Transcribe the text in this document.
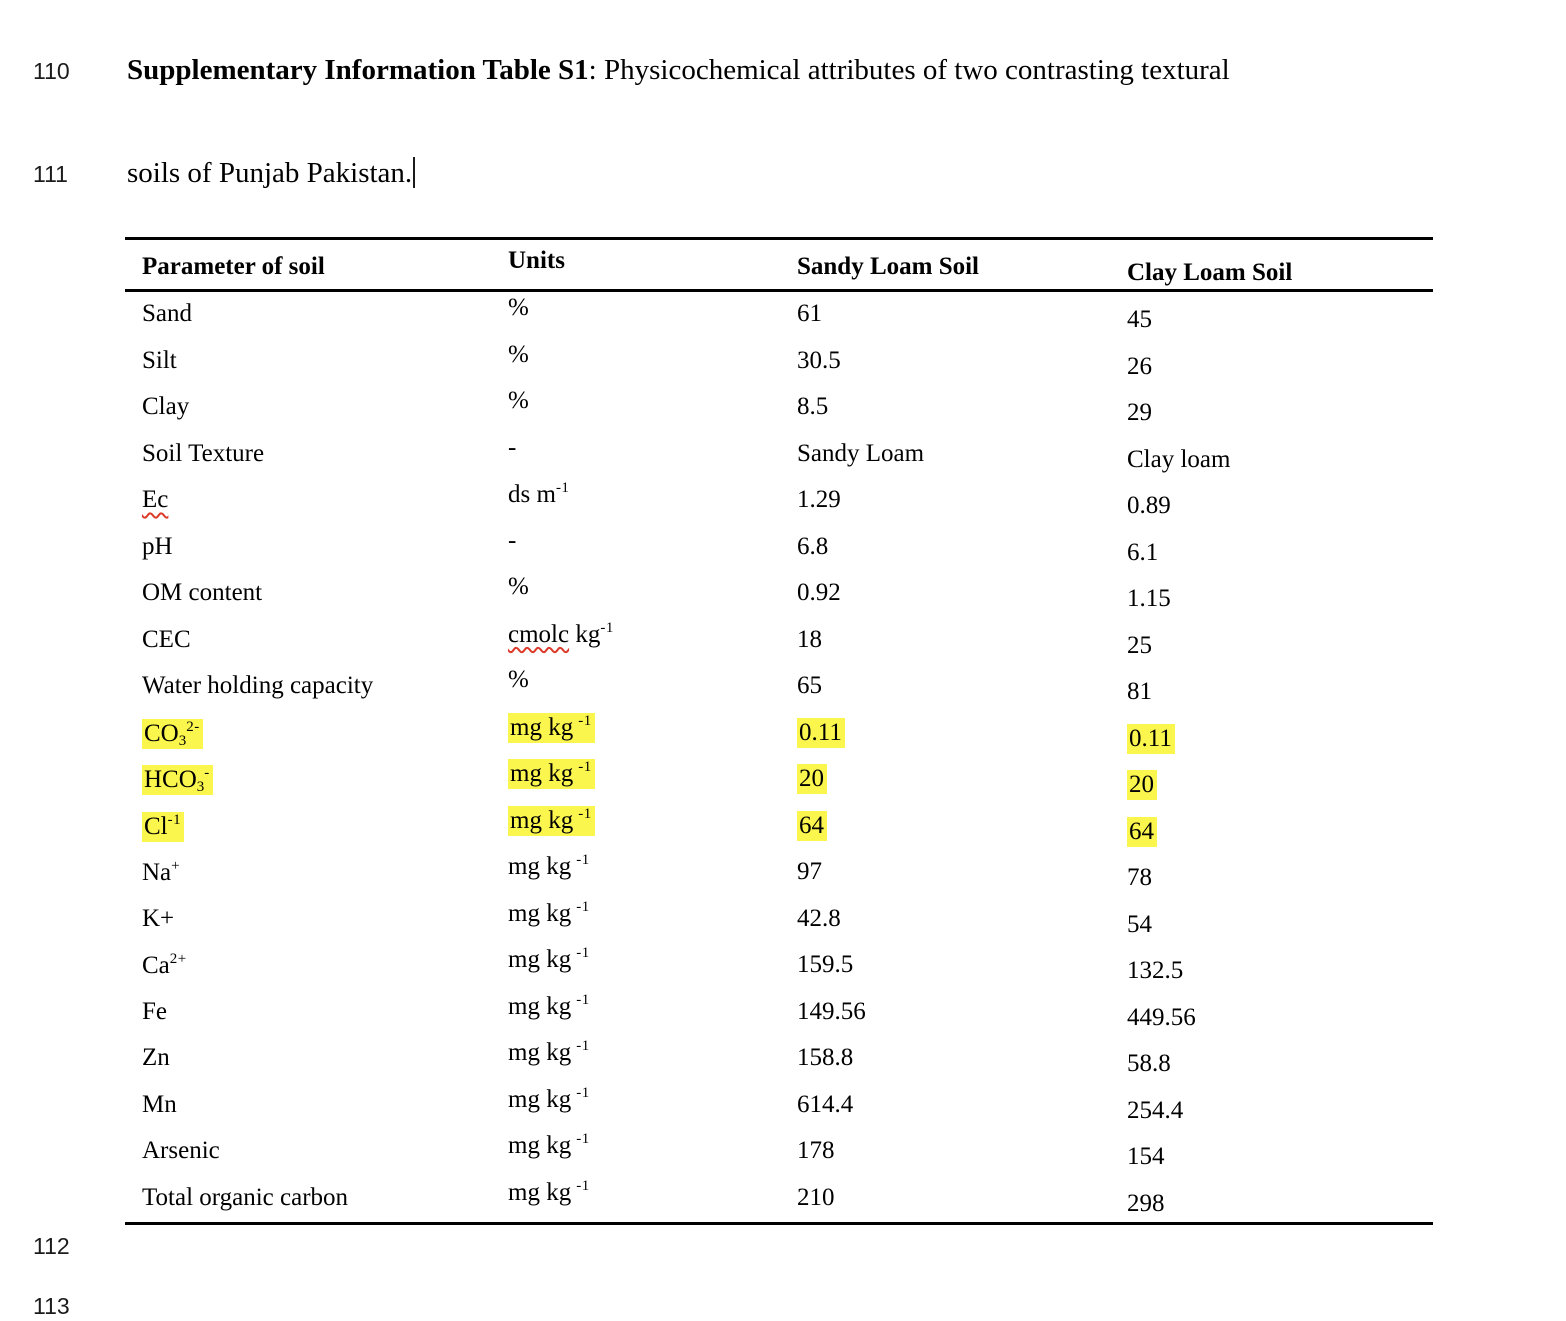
110
111
112
113
Supplementary Information Table S1: Physicochemical attributes of two contrasting textural
soils of Punjab Pakistan.
Parameter of soil	Units	Sandy Loam Soil	Clay Loam Soil
Sand	%	61	45
Silt	%	30.5	26
Clay	%	8.5	29
Soil Texture	-	Sandy Loam	Clay loam
Ec	ds $m^{-1}$	1.29	0.89
pH	-	6.8	6.1
OM content	%	0.92	1.15
CEC	cmolc $kg^{-1}$	18	25
Water holding capacity	%	65	81
$CO_3^{2-}$	mg kg $^{-1}$	0.11	0.11
$HCO_3^-$	mg kg $^{-1}$	20	20
$Cl^{-1}$	mg kg $^{-1}$	64	64
Na+	mg kg $^{-1}$	97	78
K+	mg kg $^{-1}$	42.8	54
$Ca^{2+}$	mg kg $^{-1}$	159.5	132.5
Fe	mg kg $^{-1}$	149.56	449.56
Zn	mg kg $^{-1}$	158.8	58.8
Mn	mg kg $^{-1}$	614.4	254.4
Arsenic	mg kg $^{-1}$	178	154
Total organic carbon	mg kg $^{-1}$	210	298
